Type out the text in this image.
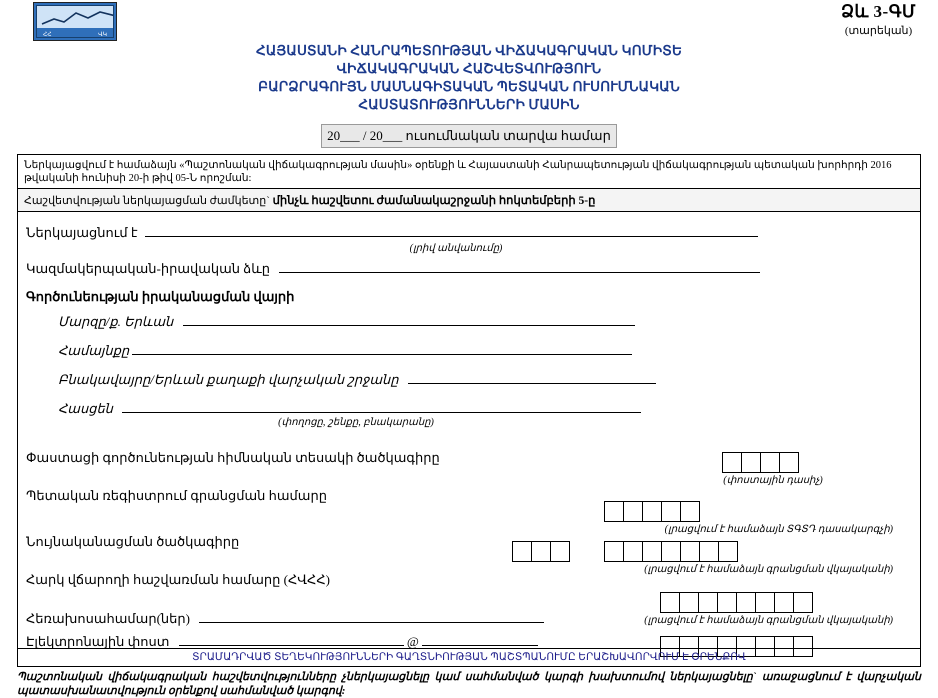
ՀՀ	ՎԿ
Ձև 3-ԳՄ
(տարեկան)
ՀԱՅԱՍՏԱՆԻ ՀԱՆՐԱՊԵՏՈՒԹՅԱՆ ՎԻՃԱԿԱԳՐԱԿԱՆ ԿՈՄԻՏԵ
ՎԻՃԱԿԱԳՐԱԿԱՆ ՀԱՇՎԵՏՎՈՒԹՅՈՒՆ
ԲԱՐՁՐԱԳՈՒՅՆ ՄԱՍՆԱԳԻՏԱԿԱՆ ՊԵՏԱԿԱՆ ՈՒՍՈՒՄՆԱԿԱՆ
ՀԱՍՏԱՏՈՒԹՅՈՒՆՆԵՐԻ ՄԱՍԻՆ
20___ / 20___ ուսումնական տարվա համար
Ներկայացվում է համաձայն «Պաշտոնական վիճակագրության մասին» օրենքի և Հայաստանի Հանրապետության վիճակագրության պետական խորհրդի 2016 թվականի հունիսի 20-ի թիվ 05-Ն որոշման:
Հաշվետվության ներկայացման ժամկետը` մինչև հաշվետու ժամանակաշրջանի հոկտեմբերի 5-ը
Ներկայացնում է
(լրիվ անվանումը)
Կազմակերպական-իրավական ձևը
Գործունեության իրականացման վայրի
Մարզը/ք. Երևան
Համայնքը
Բնակավայրը/Երևան քաղաքի վարչական շրջանը
Հասցեն
(փողոցը, շենքը, բնակարանը)
(փոստային դասիչ)
Փաստացի գործունեության հիմնական տեսակի ծածկագիրը
(լրացվում է համաձայն ՏԳՏԴ դասակարգչի)
Պետական ռեգիստրում գրանցման համարը
(լրացվում է համաձայն գրանցման վկայականի)
Նույնականացման ծածկագիրը
(լրացվում է համաձայն գրանցման վկայականի)
Հարկ վճարողի հաշվառման համարը (ՀՎՀՀ)
Հեռախոսահամար(ներ)
Էլեկտրոնային փոստ	@
ՏՐԱՄԱԴՐՎԱԾ ՏԵՂԵԿՈՒԹՅՈՒՆՆԵՐԻ ԳԱՂՏՆԻՈՒԹՅԱՆ ՊԱՇՏՊԱՆՈՒՄԸ ԵՐԱՇԽԱՎՈՐՎՈՒՄ Է ՕՐԵՆՔՈՎ
Պաշտոնական վիճակագրական հաշվետվությունները չներկայացնելը կամ սահմանված կարգի խախտումով ներկայացնելը` առաջացնում է վարչական պատասխանատվություն օրենքով սահմանված կարգով:
